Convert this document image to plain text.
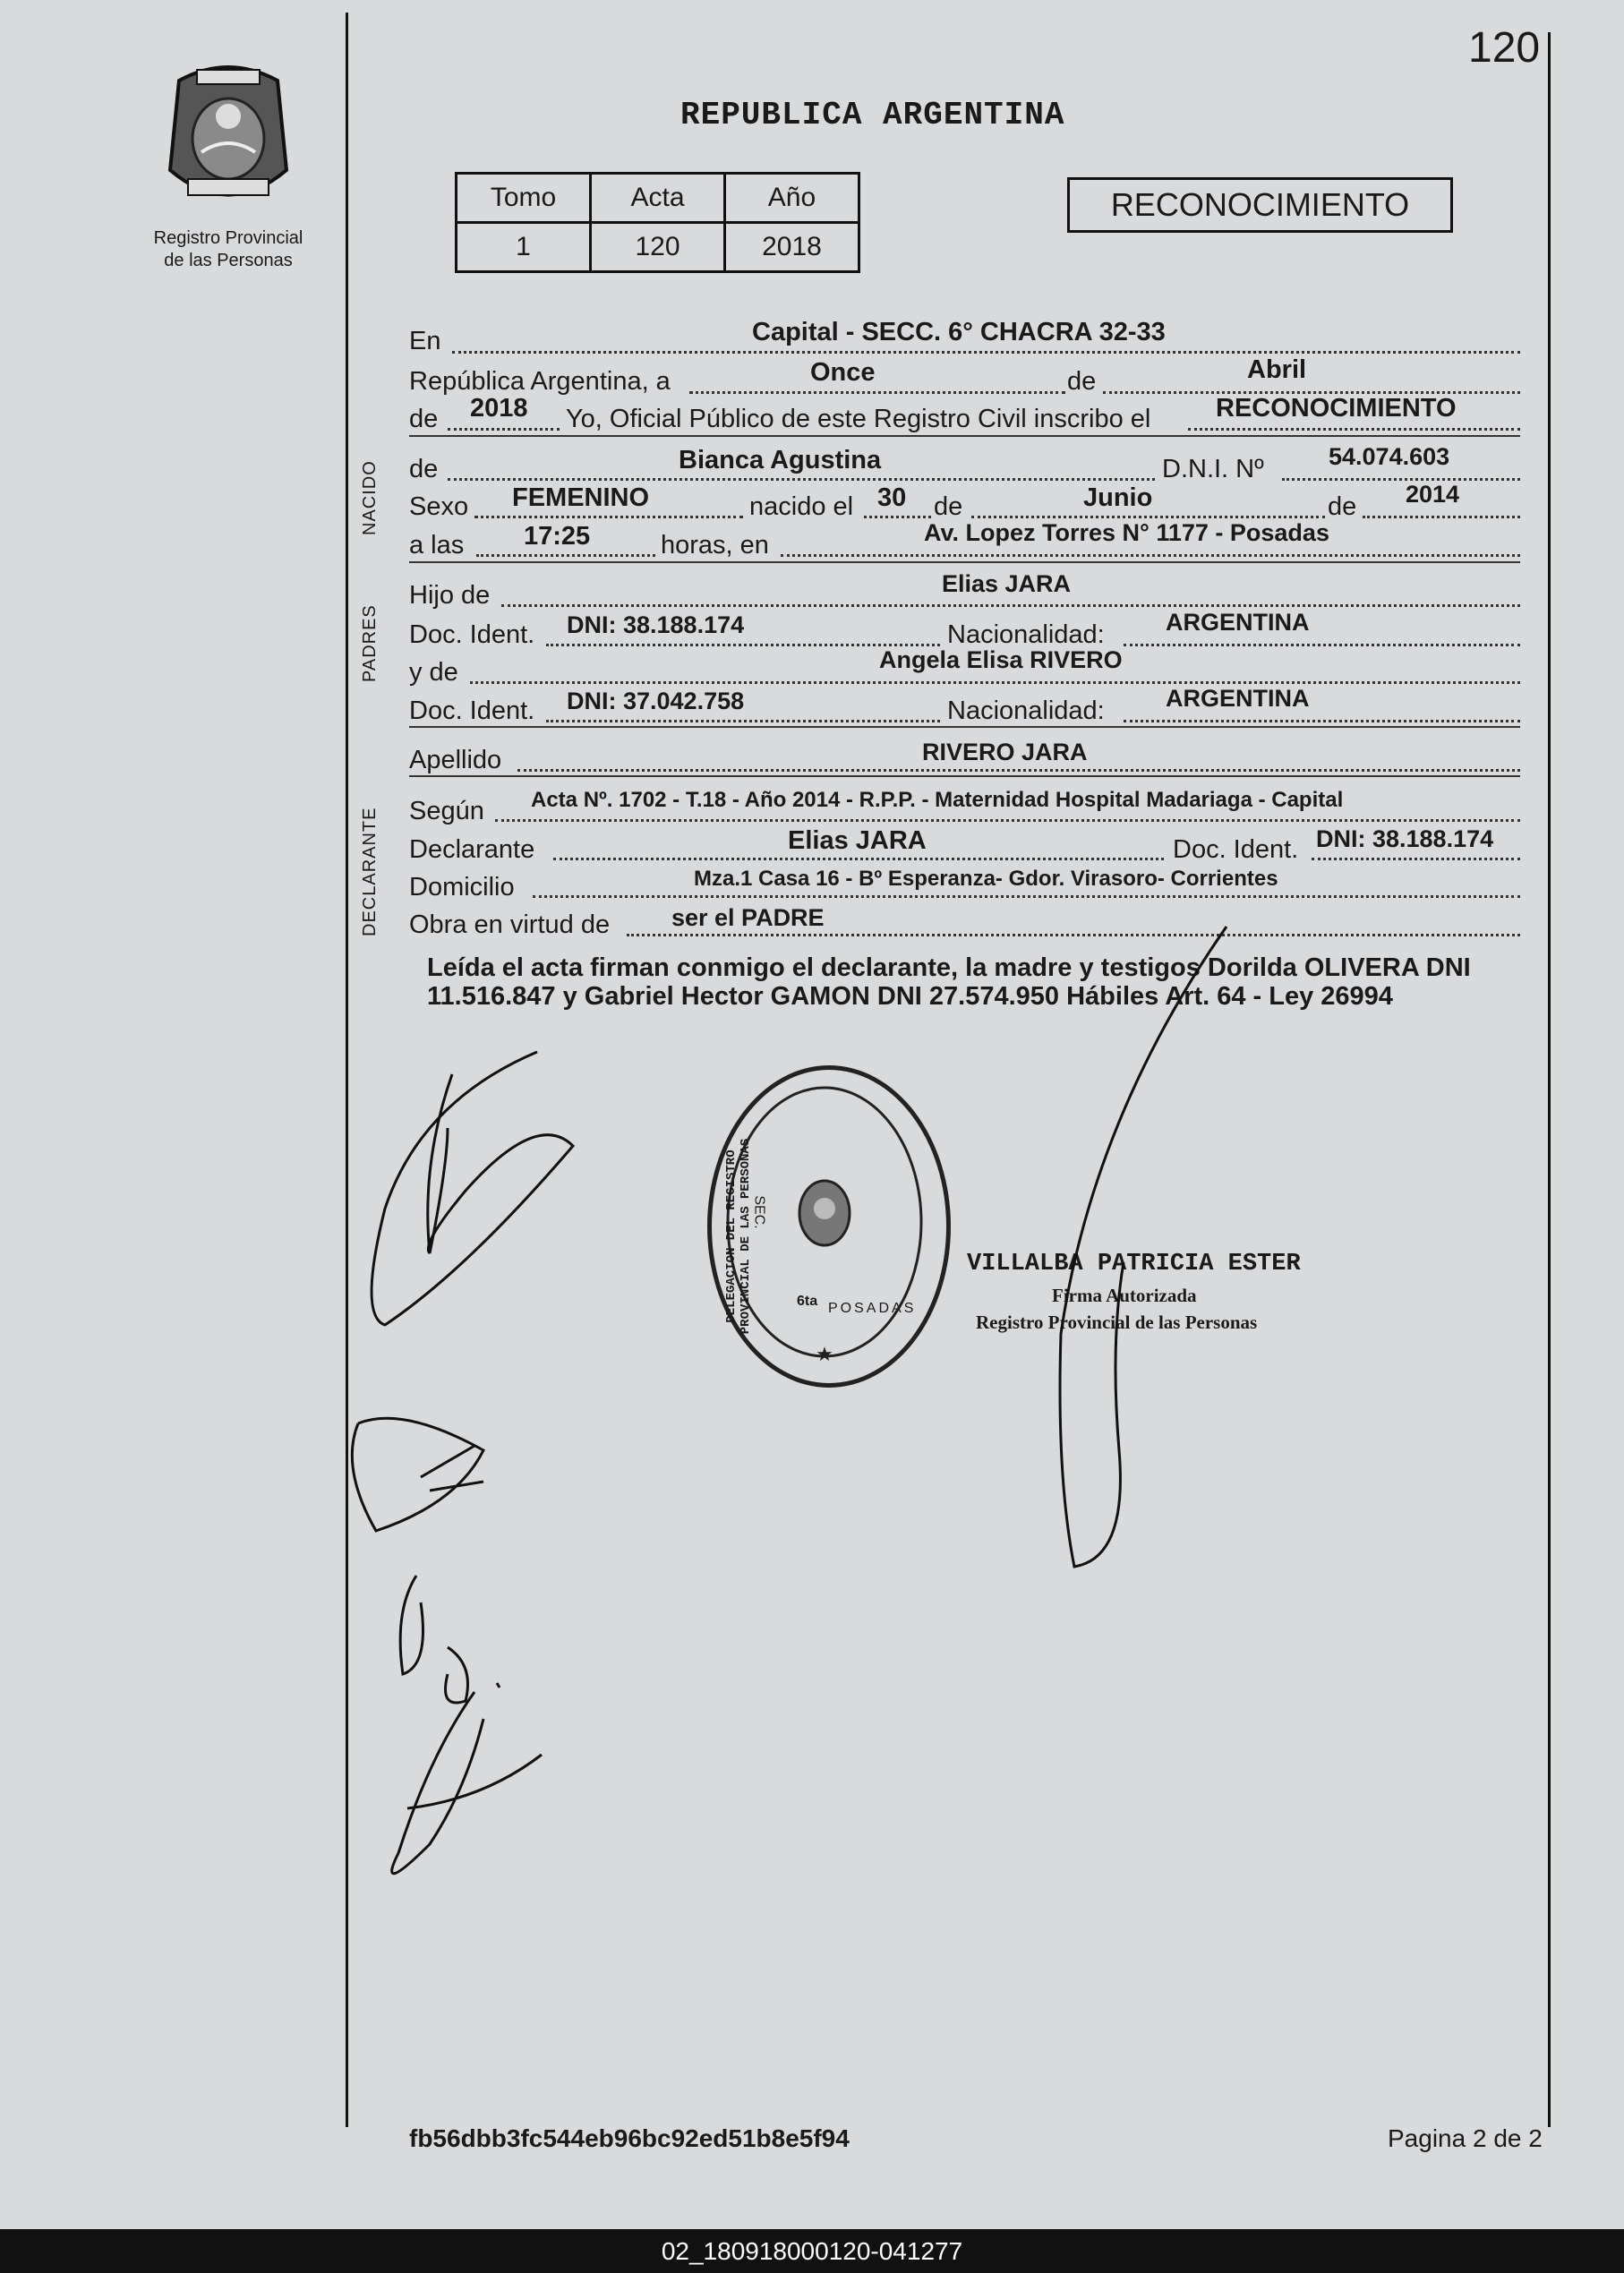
120
Registro Provincial
de las Personas
REPUBLICA ARGENTINA
Tomo	Acta	Año
1	120	2018
RECONOCIMIENTO
En	Capital - SECC. 6° CHACRA 32-33
República Argentina, a	Once	de	Abril
de 2018 Yo, Oficial Público de este Registro Civil inscribo el	RECONOCIMIENTO
NACIDO de	Bianca Agustina	D.N.I. Nº	54.074.603
Sexo FEMENINO	nacido el 30 de	Junio	de 2014
a las 17:25	horas, en	Av. Lopez Torres N° 1177 - Posadas
PADRES
Hijo de	Elias JARA
Doc. Ident. DNI: 38.188.174	Nacionalidad:	ARGENTINA
y de	Angela Elisa RIVERO
Doc. Ident. DNI: 37.042.758	Nacionalidad:	ARGENTINA
Apellido	RIVERO JARA
DECLARANTE Según Acta Nº. 1702 - T.18 - Año 2014 - R.P.P. - Maternidad Hospital Madariaga - Capital
Declarante	Elias JARA	Doc. Ident. DNI: 38.188.174
Domicilio	Mza.1 Casa 16 - Bº Esperanza- Gdor. Virasoro- Corrientes
Obra en virtud de	ser el PADRE
Leída el acta firman conmigo el declarante, la madre y testigos Dorilda OLIVERA DNI 11.516.847 y Gabriel Hector GAMON DNI 27.574.950 Hábiles Art. 64 - Ley 26994
★
DELEGACION DEL REGISTRO PROVINCIAL DE LAS PERSONAS
SEC.
6ta POSADAS
VILLALBA PATRICIA ESTER
Firma Autorizada
Registro Provincial de las Personas
fb56dbb3fc544eb96bc92ed51b8e5f94	Pagina 2 de 2
02_180918000120-041277
